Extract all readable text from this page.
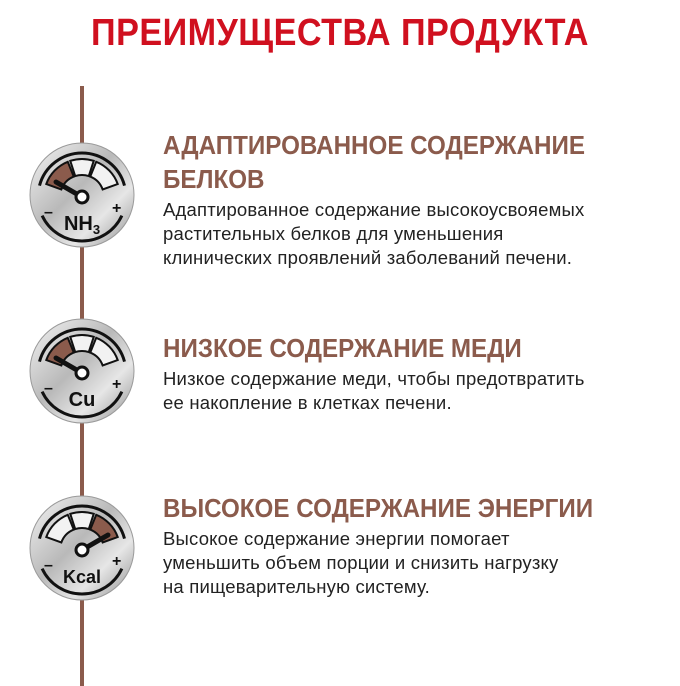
ПРЕИМУЩЕСТВА ПРОДУКТА
–	+
$NH_3$
–	+
Cu
–	+
Kcal
АДАПТИРОВАННОЕ СОДЕРЖАНИЕ
БЕЛКОВ
Адаптированное содержание высокоусвояемых
растительных белков для уменьшения
клинических проявлений заболеваний печени.
НИЗКОЕ СОДЕРЖАНИЕ МЕДИ
Низкое содержание меди, чтобы предотвратить
ее накопление в клетках печени.
ВЫСОКОЕ СОДЕРЖАНИЕ ЭНЕРГИИ
Высокое содержание энергии помогает
уменьшить объем порции и снизить нагрузку
на пищеварительную систему.
